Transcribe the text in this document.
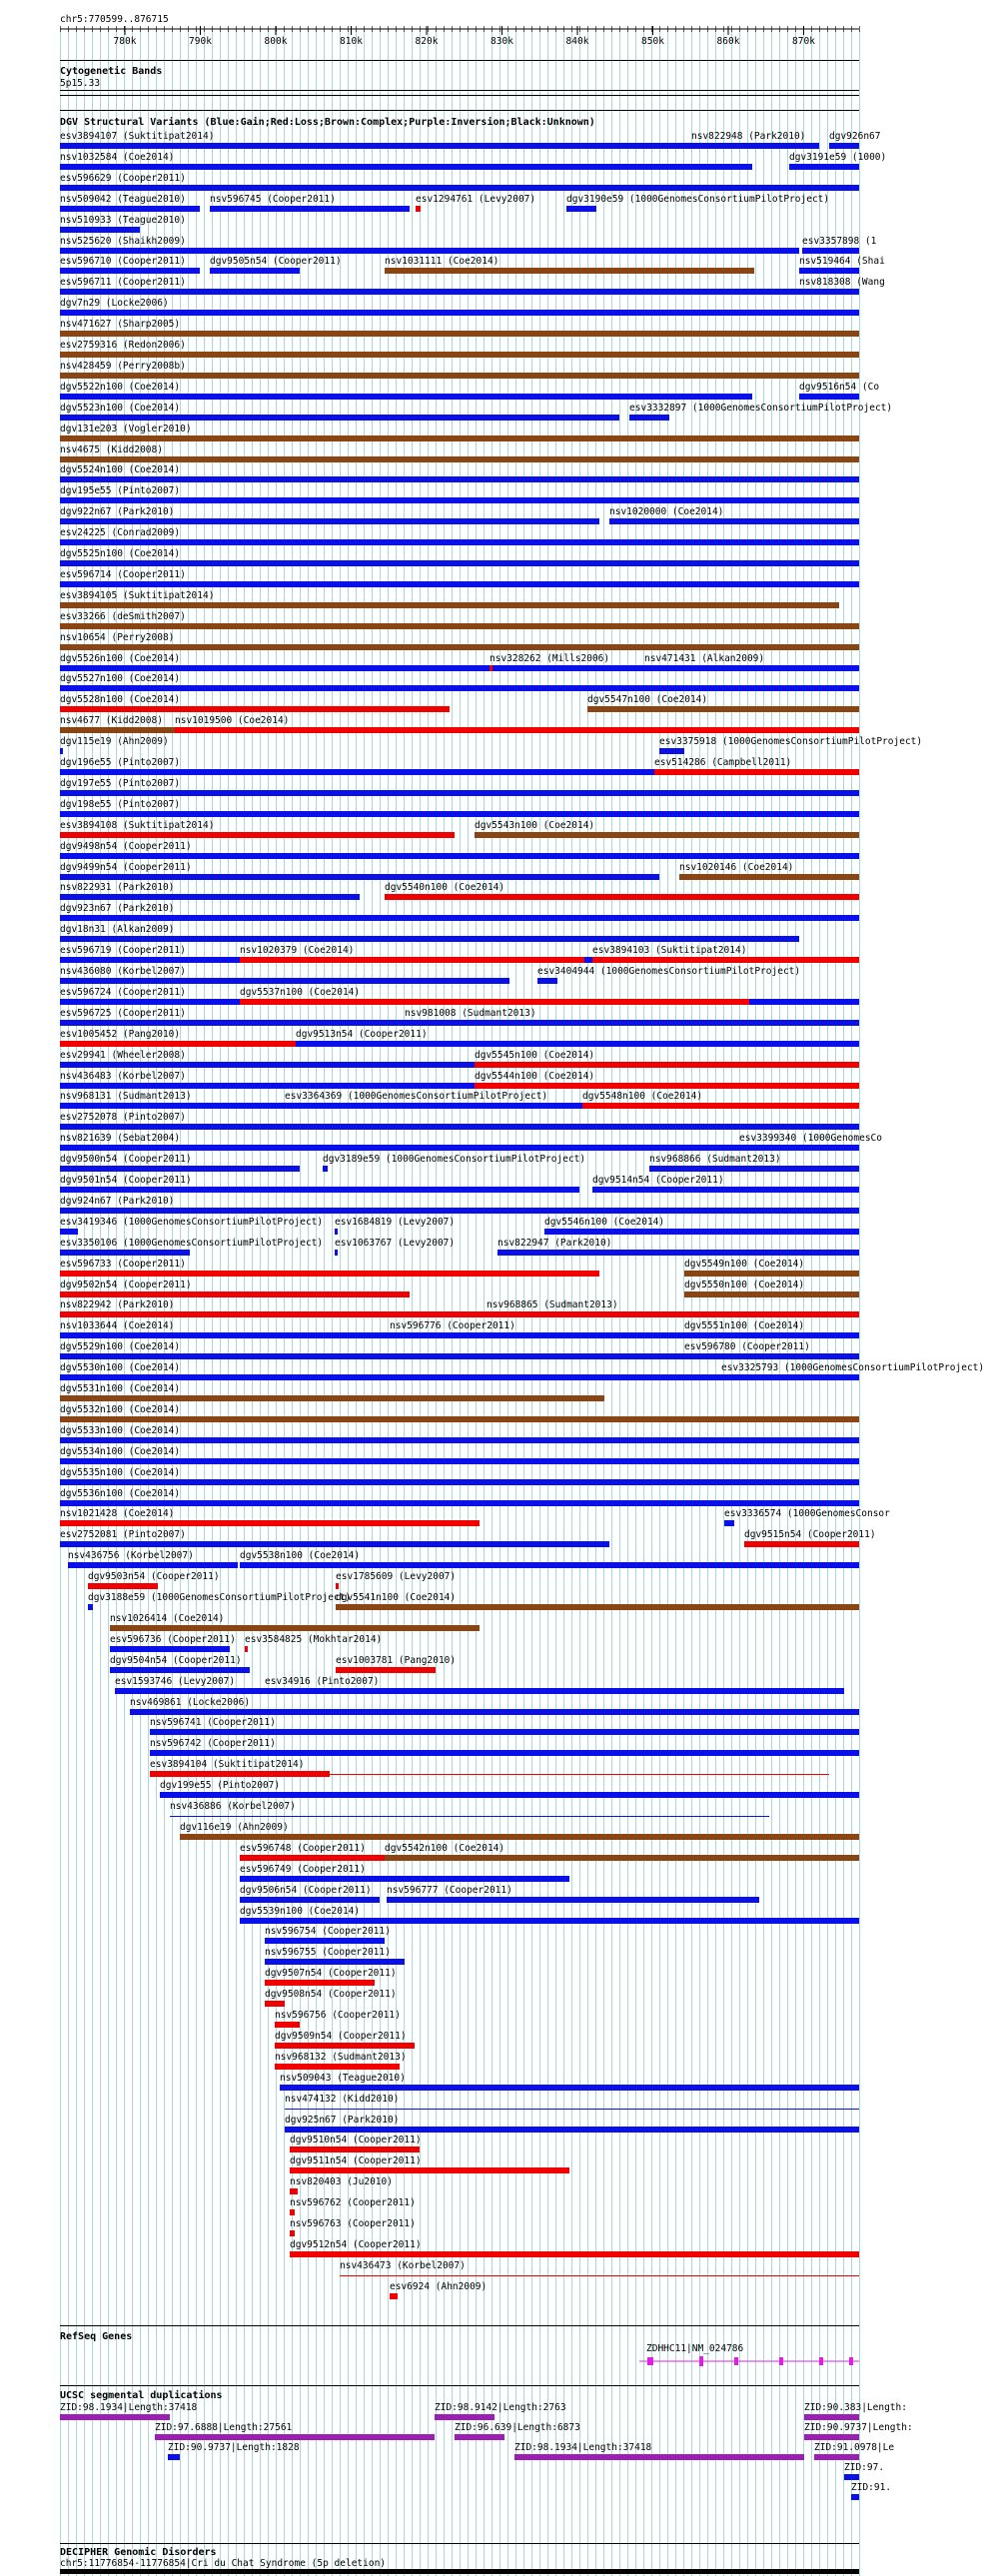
chr5:770599..876715
780k	790k	800k	810k	820k	830k	840k	850k	860k	870k
Cytogenetic Bands
5p15.33
DGV Structural Variants (Blue:Gain;Red:Loss;Brown:Complex;Purple:Inversion;Black:Unknown)
esv3894107 (Suktitipat2014)	nsv822948 (Park2010) dgv926n67
nsv1032584 (Coe2014)	dgv3191e59 (1000)
esv596629 (Cooper2011)
nsv509042 (Teague2010)	nsv596745 (Cooper2011)	esv1294761 (Levy2007)	dgv3190e59 (1000GenomesConsortiumPilotProject)
nsv510933 (Teague2010)
nsv525620 (Shaikh2009)	esv3357898 (1
esv596710 (Cooper2011)	dgv9505n54 (Cooper2011)	nsv1031111 (Coe2014)	nsv519464 (Shai
esv596711 (Cooper2011)	nsv818308 (Wang
dgv7n29 (Locke2006)
nsv471627 (Sharp2005)
esv2759316 (Redon2006)
nsv428459 (Perry2008b)
dgv5522n100 (Coe2014)	dgv9516n54 (Co
dgv5523n100 (Coe2014)	esv3332897 (1000GenomesConsortiumPilotProject)
dgv131e203 (Vogler2010)
nsv4675 (Kidd2008)
dgv5524n100 (Coe2014)
dgv195e55 (Pinto2007)
dgv922n67 (Park2010)	nsv1020000 (Coe2014)
esv24225 (Conrad2009)
dgv5525n100 (Coe2014)
esv596714 (Cooper2011)
esv3894105 (Suktitipat2014)
esv33266 (deSmith2007)
nsv10654 (Perry2008)
dgv5526n100 (Coe2014)	nsv328262 (Mills2006)	nsv471431 (Alkan2009)
dgv5527n100 (Coe2014)
dgv5528n100 (Coe2014)	dgv5547n100 (Coe2014)
nsv4677 (Kidd2008) nsv1019500 (Coe2014)
dgv115e19 (Ahn2009)	esv3375918 (1000GenomesConsortiumPilotProject)
dgv196e55 (Pinto2007)	esv514286 (Campbell2011)
dgv197e55 (Pinto2007)
dgv198e55 (Pinto2007)
esv3894108 (Suktitipat2014)	dgv5543n100 (Coe2014)
dgv9498n54 (Cooper2011)
dgv9499n54 (Cooper2011)	nsv1020146 (Coe2014)
nsv822931 (Park2010)	dgv5540n100 (Coe2014)
dgv923n67 (Park2010)
dgv18n31 (Alkan2009)
esv596719 (Cooper2011)	nsv1020379 (Coe2014)	esv3894103 (Suktitipat2014)
nsv436080 (Korbel2007)	esv3404944 (1000GenomesConsortiumPilotProject)
esv596724 (Cooper2011)	dgv5537n100 (Coe2014)
esv596725 (Cooper2011)	nsv981008 (Sudmant2013)
esv1005452 (Pang2010)	dgv9513n54 (Cooper2011)
esv29941 (Wheeler2008)	dgv5545n100 (Coe2014)
nsv436483 (Korbel2007)	dgv5544n100 (Coe2014)
nsv968131 (Sudmant2013)	esv3364369 (1000GenomesConsortiumPilotProject)	dgv5548n100 (Coe2014)
esv2752078 (Pinto2007)
nsv821639 (Sebat2004)	esv3399340 (1000GenomesCo
dgv9500n54 (Cooper2011)	dgv3189e59 (1000GenomesConsortiumPilotProject)	nsv968866 (Sudmant2013)
dgv9501n54 (Cooper2011)	dgv9514n54 (Cooper2011)
dgv924n67 (Park2010)
esv3419346 (1000GenomesConsortiumPilotProject) esv1684819 (Levy2007)	dgv5546n100 (Coe2014)
esv3350106 (1000GenomesConsortiumPilotProject) esv1063767 (Levy2007)	nsv822947 (Park2010)
esv596733 (Cooper2011)	dgv5549n100 (Coe2014)
dgv9502n54 (Cooper2011)	dgv5550n100 (Coe2014)
nsv822942 (Park2010)	nsv968865 (Sudmant2013)
nsv1033644 (Coe2014)	nsv596776 (Cooper2011)	dgv5551n100 (Coe2014)
dgv5529n100 (Coe2014)	esv596780 (Cooper2011)
dgv5530n100 (Coe2014)	esv3325793 (1000GenomesConsortiumPilotProject)
dgv5531n100 (Coe2014)
dgv5532n100 (Coe2014)
dgv5533n100 (Coe2014)
dgv5534n100 (Coe2014)
dgv5535n100 (Coe2014)
dgv5536n100 (Coe2014)
nsv1021428 (Coe2014)	esv3336574 (1000GenomesConsor
esv2752081 (Pinto2007)	dgv9515n54 (Cooper2011)
nsv436756 (Korbel2007)	dgv5538n100 (Coe2014)
dgv9503n54 (Cooper2011)	esv1785609 (Levy2007)
dgv3188e59 (1000GenomesConsortiumPilotProject)
dgv5541n100 (Coe2014)
nsv1026414 (Coe2014)
esv596736 (Cooper2011) esv3584825 (Mokhtar2014)
dgv9504n54 (Cooper2011)	esv1003781 (Pang2010)
esv1593746 (Levy2007)	esv34916 (Pinto2007)
nsv469861 (Locke2006)
nsv596741 (Cooper2011)
nsv596742 (Cooper2011)
esv3894104 (Suktitipat2014)
dgv199e55 (Pinto2007)
nsv436886 (Korbel2007)
dgv116e19 (Ahn2009)
esv596748 (Cooper2011) dgv5542n100 (Coe2014)
esv596749 (Cooper2011)
dgv9506n54 (Cooper2011) nsv596777 (Cooper2011)
dgv5539n100 (Coe2014)
nsv596754 (Cooper2011)
nsv596755 (Cooper2011)
dgv9507n54 (Cooper2011)
dgv9508n54 (Cooper2011)
nsv596756 (Cooper2011)
dgv9509n54 (Cooper2011)
nsv968132 (Sudmant2013)
nsv509043 (Teague2010)
nsv474132 (Kidd2010)
dgv925n67 (Park2010)
dgv9510n54 (Cooper2011)
dgv9511n54 (Cooper2011)
nsv820403 (Ju2010)
nsv596762 (Cooper2011)
nsv596763 (Cooper2011)
dgv9512n54 (Cooper2011)
nsv436473 (Korbel2007)
esv6924 (Ahn2009)
RefSeq Genes
ZDHHC11|NM_024786
UCSC segmental duplications
ZID:98.1934|Length:37418	ZID:98.9142|Length:2763	ZID:90.383|Length:
ZID:97.6888|Length:27561	ZID:96.639|Length:6873	ZID:90.9737|Length:
ZID:90.9737|Length:1828	ZID:98.1934|Length:37418	ZID:91.0978|Le
ZID:97.
ZID:91.
DECIPHER Genomic Disorders
chr5:11776854-11776854|Cri du Chat Syndrome (5p deletion)
